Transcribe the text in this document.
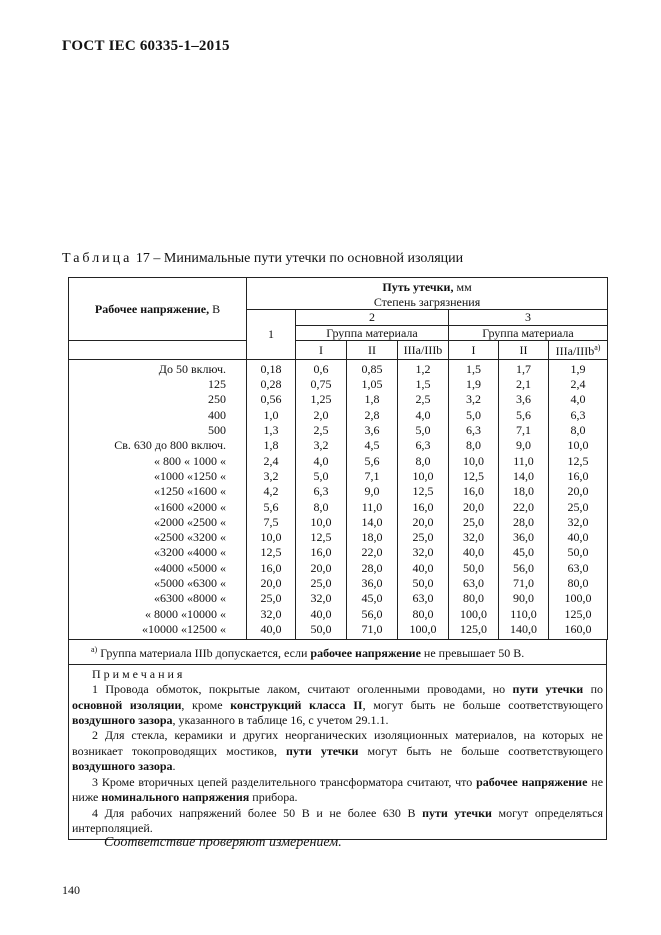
ГОСТ IEC 60335-1–2015
Таблица 17 – Минимальные пути утечки по основной изоляции
Рабочее напряжение, В	Путь утечки, мм						
	Степень загрязнения						
	1	2			3		
		Группа материала			Группа материала		
		I	II	IIIa/IIIb	I	II	IIIa/IIIb$^{a)}$
До 50 включ.	0,18	0,6	0,85	1,2	1,5	1,7	1,9
125	0,28	0,75	1,05	1,5	1,9	2,1	2,4
250	0,56	1,25	1,8	2,5	3,2	3,6	4,0
400	1,0	2,0	2,8	4,0	5,0	5,6	6,3
500	1,3	2,5	3,6	5,0	6,3	7,1	8,0
Св. 630 до 800 включ.	1,8	3,2	4,5	6,3	8,0	9,0	10,0
« 800 « 1000 «	2,4	4,0	5,6	8,0	10,0	11,0	12,5
«1000 «1250 «	3,2	5,0	7,1	10,0	12,5	14,0	16,0
«1250 «1600 «	4,2	6,3	9,0	12,5	16,0	18,0	20,0
«1600 «2000 «	5,6	8,0	11,0	16,0	20,0	22,0	25,0
«2000 «2500 «	7,5	10,0	14,0	20,0	25,0	28,0	32,0
«2500 «3200 «	10,0	12,5	18,0	25,0	32,0	36,0	40,0
«3200 «4000 «	12,5	16,0	22,0	32,0	40,0	45,0	50,0
«4000 «5000 «	16,0	20,0	28,0	40,0	50,0	56,0	63,0
«5000 «6300 «	20,0	25,0	36,0	50,0	63,0	71,0	80,0
«6300 «8000 «	25,0	32,0	45,0	63,0	80,0	90,0	100,0
« 8000 «10000 «	32,0	40,0	56,0	80,0	100,0	110,0	125,0
«10000 «12500 «	40,0	50,0	71,0	100,0	125,0	140,0	160,0
$^{a)}$ Группа материала IIIb допускается, если рабочее напряжение не превышает 50 В.
Примечания

1 Провода обмоток, покрытые лаком, считают оголенными проводами, но пути утечки по основной изоляции, кроме конструкций класса II, могут быть не больше соответствующего воздушного зазора, указанного в таблице 16, с учетом 29.1.1.

2 Для стекла, керамики и других неорганических изоляционных материалов, на которых не возникает токопроводящих мостиков, пути утечки могут быть не больше соответствующего воздушного зазора.

3 Кроме вторичных цепей разделительного трансформатора считают, что рабочее напряжение не ниже номинального напряжения прибора.

4 Для рабочих напряжений более 50 В и не более 630 В пути утечки могут определяться интерполяцией.

Соответствие проверяют измерением.
140
